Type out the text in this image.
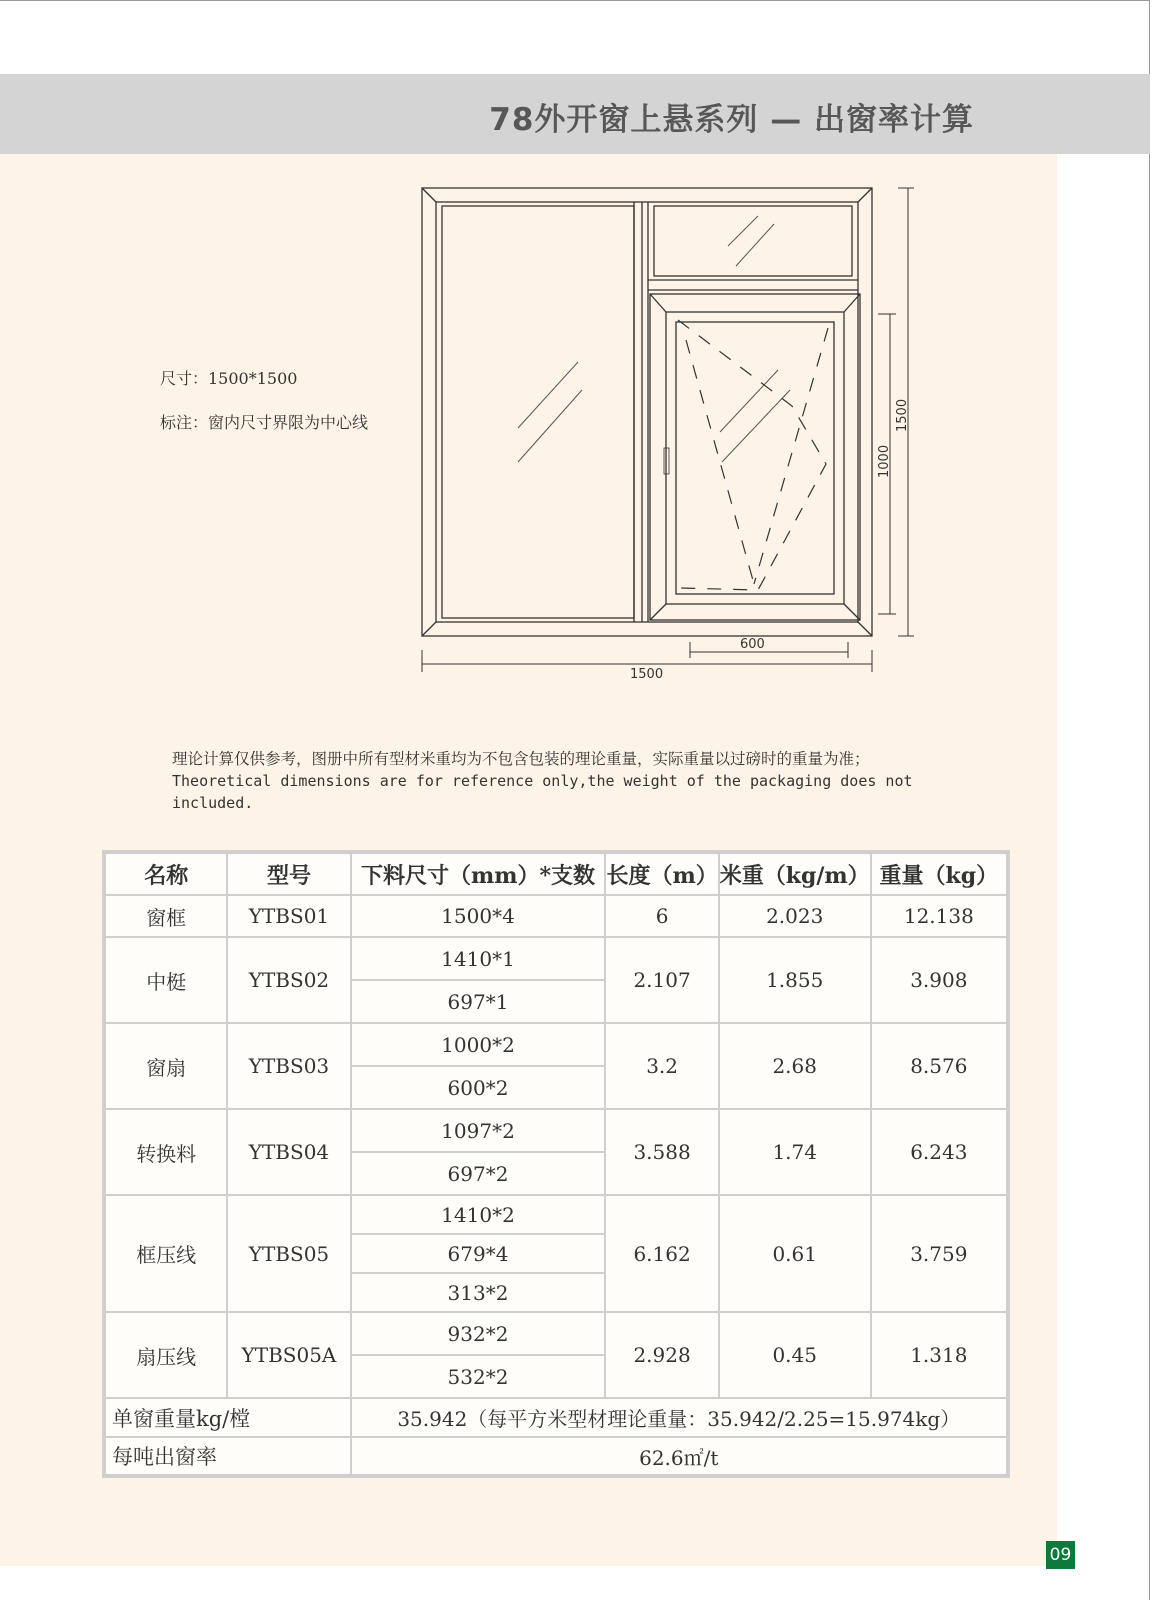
78外开窗上悬系列 — 出窗率计算
尺寸：1500*1500
标注：窗内尺寸界限为中心线
1500
600
1500
1000
理论计算仅供参考，图册中所有型材米重均为不包含包装的理论重量，实际重量以过磅时的重量为准；
Theoretical dimensions are for reference only,the weight of the packaging does not included.
名称	型号	下料尺寸（mm）*支数	长度（m）	米重（kg/m）	重量（kg）
窗框	YTBS01	1500*4	6	2.023	12.138
中梃	YTBS02	1410*1	2.107	1.855	3.908
		697*1			
窗扇	YTBS03	1000*2	3.2	2.68	8.576
		600*2			
转换料	YTBS04	1097*2	3.588	1.74	6.243
		697*2			
框压线	YTBS05	1410*2	6.162	0.61	3.759
		679*4			
		313*2			
扇压线	YTBS05A	932*2	2.928	0.45	1.318
		532*2			
单窗重量kg/樘		35.942（每平方米型材理论重量：35.942/2.25=15.974kg）			
每吨出窗率		62.6㎡/t			
09
